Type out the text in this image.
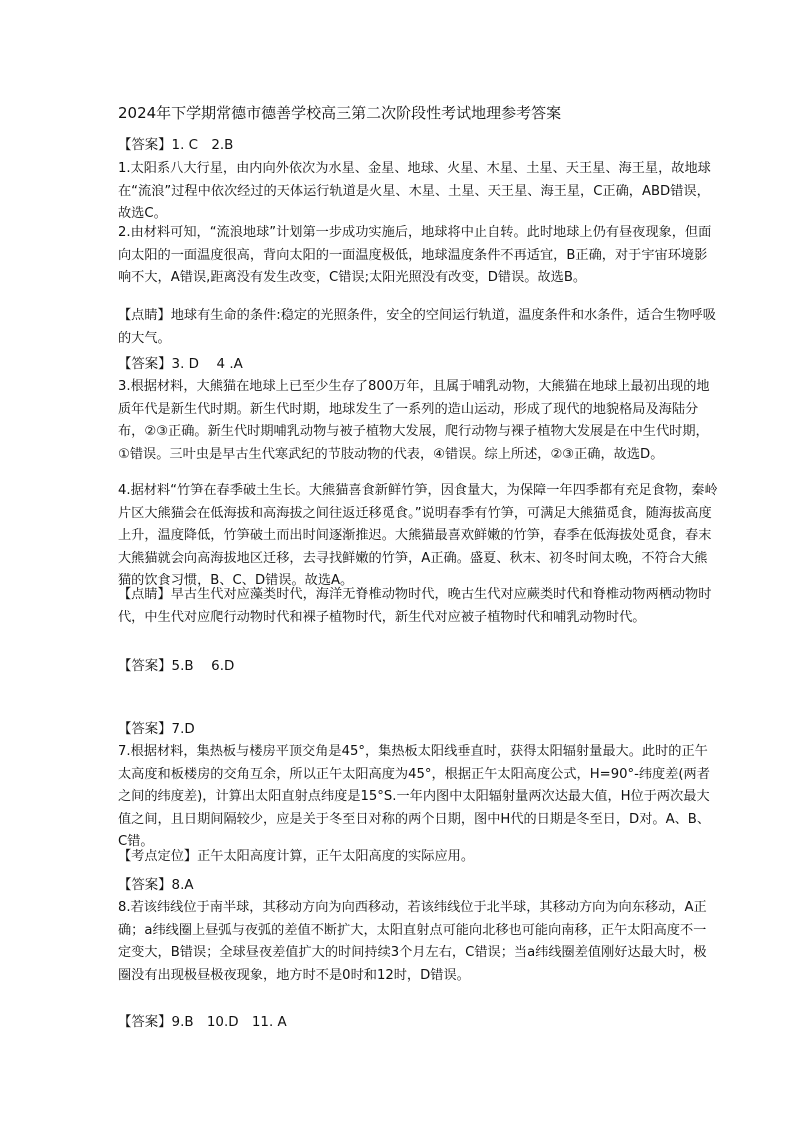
2024年下学期常德市德善学校高三第二次阶段性考试地理参考答案
【答案】1. C　2.B
1.太阳系八大行星，由内向外依次为水星、金星、地球、火星、木星、土星、天王星、海王星，故地球在“流浪”过程中依次经过的天体运行轨道是火星、木星、土星、天王星、海王星，C正确，ABD错误，故选C。
2.由材料可知，“流浪地球”计划第一步成功实施后，地球将中止自转。此时地球上仍有昼夜现象，但面向太阳的一面温度很高，背向太阳的一面温度极低，地球温度条件不再适宜，B正确，对于宇宙环境影响不大，A错误,距离没有发生改变，C错误;太阳光照没有改变，D错误。故选B。
【点睛】地球有生命的条件:稳定的光照条件，安全的空间运行轨道，温度条件和水条件，适合生物呼吸的大气。
【答案】3. D　 4 .A
3.根据材料，大熊猫在地球上已至少生存了800万年，且属于哺乳动物，大熊猫在地球上最初出现的地质年代是新生代时期。新生代时期，地球发生了一系列的造山运动，形成了现代的地貌格局及海陆分布，②③正确。新生代时期哺乳动物与被子植物大发展，爬行动物与裸子植物大发展是在中生代时期，①错误。三叶虫是早古生代寒武纪的节肢动物的代表，④错误。综上所述，②③正确，故选D。
4.据材料“竹笋在春季破土生长。大熊猫喜食新鲜竹笋，因食量大，为保障一年四季都有充足食物，秦岭片区大熊猫会在低海拔和高海拔之间往返迁移觅食。”说明春季有竹笋，可满足大熊猫觅食，随海拔高度上升，温度降低，竹笋破土而出时间逐渐推迟。大熊猫最喜欢鲜嫩的竹笋，春季在低海拔处觅食，春末大熊猫就会向高海拔地区迁移，去寻找鲜嫩的竹笋，A正确。盛夏、秋末、初冬时间太晚，不符合大熊猫的饮食习惯，B、C、D错误。故选A。
【点睛】早古生代对应藻类时代，海洋无脊椎动物时代，晚古生代对应蕨类时代和脊椎动物两栖动物时代，中生代对应爬行动物时代和裸子植物时代，新生代对应被子植物时代和哺乳动物时代。
【答案】5.B　 6.D
【答案】7.D
7.根据材料，集热板与楼房平顶交角是45°，集热板太阳线垂直时，获得太阳辐射量最大。此时的正午太高度和板楼房的交角互余，所以正午太阳高度为45°，根据正午太阳高度公式，H=90°-纬度差(两者之间的纬度差)，计算出太阳直射点纬度是15°S.一年内图中太阳辐射量两次达最大值，H位于两次最大值之间，且日期间隔较少，应是关于冬至日对称的两个日期，图中H代的日期是冬至日，D对。A、B、C错。
【考点定位】正午太阳高度计算，正午太阳高度的实际应用。
【答案】8.A
8.若该纬线位于南半球，其移动方向为向西移动，若该纬线位于北半球，其移动方向为向东移动，A正确；a纬线圈上昼弧与夜弧的差值不断扩大，太阳直射点可能向北移也可能向南移，正午太阳高度不一定变大，B错误；全球昼夜差值扩大的时间持续3个月左右，C错误；当a纬线圈差值刚好达最大时，极圈没有出现极昼极夜现象，地方时不是0时和12时，D错误。
【答案】9.B　10.D　11. A
